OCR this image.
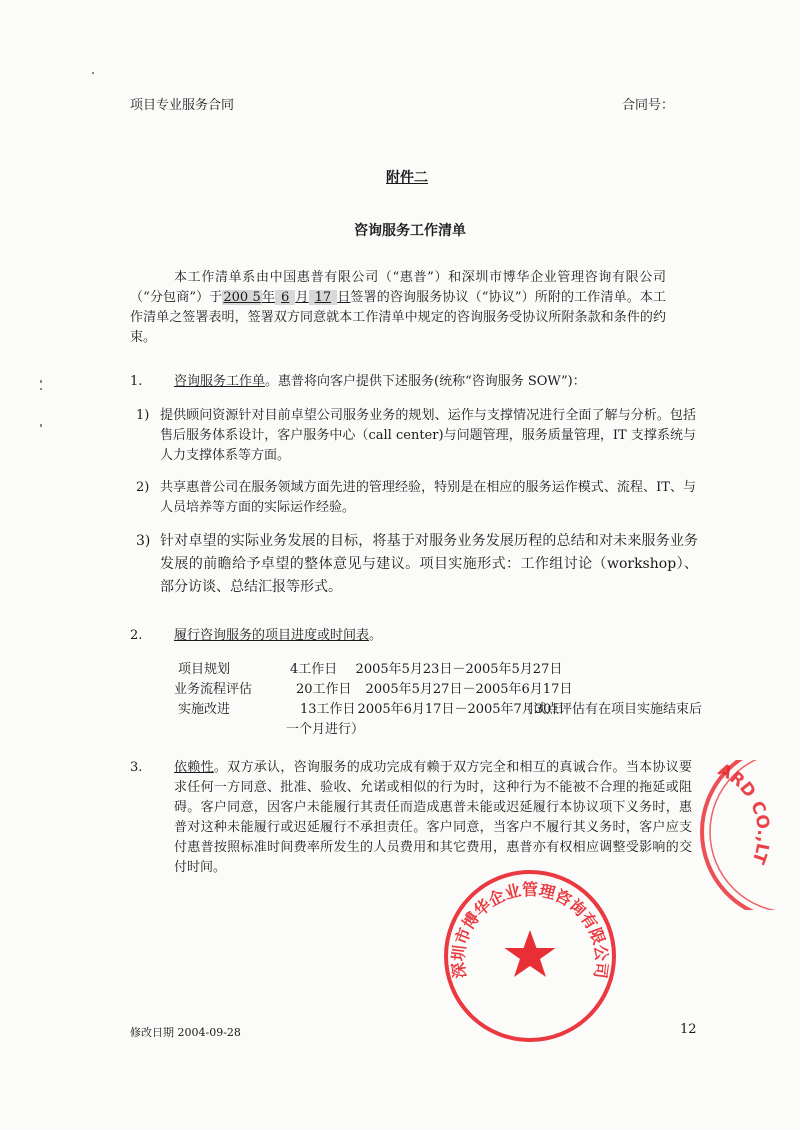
项目专业服务合同	合同号：
附件二
咨询服务工作清单
本工作清单系由中国惠普有限公司（“惠普”）和深圳市博华企业管理咨询有限公司（“分包商”）于200 5年 6 月 17 日签署的咨询服务协议（“协议”）所附的工作清单。本工作清单之签署表明，签署双方同意就本工作清单中规定的咨询服务受协议所附条款和条件的约束。
1. 咨询服务工作单。惠普将向客户提供下述服务(统称“咨询服务 SOW”)：
1) 提供顾问资源针对目前卓望公司服务业务的规划、运作与支撑情况进行全面了解与分析。包括售后服务体系设计，客户服务中心（call center)与问题管理，服务质量管理，IT 支撑系统与人力支撑体系等方面。
2) 共享惠普公司在服务领域方面先进的管理经验，特别是在相应的服务运作模式、流程、IT、与人员培养等方面的实际运作经验。
3) 针对卓望的实际业务发展的目标，将基于对服务业务发展历程的总结和对未来服务业务发展的前瞻给予卓望的整体意见与建议。项目实施形式：工作组讨论（workshop）、部分访谈、总结汇报等形式。
2. 履行咨询服务的项目进度或时间表。
项目规划	4工作日	2005年5月23日－2005年5月27日
业务流程评估	20工作日	2005年5月27日－2005年6月17日
实施改进	13工作日	2005年6月17日－2005年7月30日
（试点评估有在项目实施结束后一个月进行）
3. 依赖性。双方承认，咨询服务的成功完成有赖于双方完全和相互的真诚合作。当本协议要求任何一方同意、批准、验收、允诺或相似的行为时，这种行为不能被不合理的拖延或阻碍。客户同意，因客户未能履行其责任而造成惠普未能或迟延履行本协议项下义务时，惠普对这种未能履行或迟延履行不承担责任。客户同意，当客户不履行其义务时，客户应支付惠普按照标准时间费率所发生的人员费用和其它费用，惠普亦有权相应调整受影响的交付时间。
ARD CO.,LT
深圳市博华企业管理咨询有限公司
修改日期 2004-09-28	12
